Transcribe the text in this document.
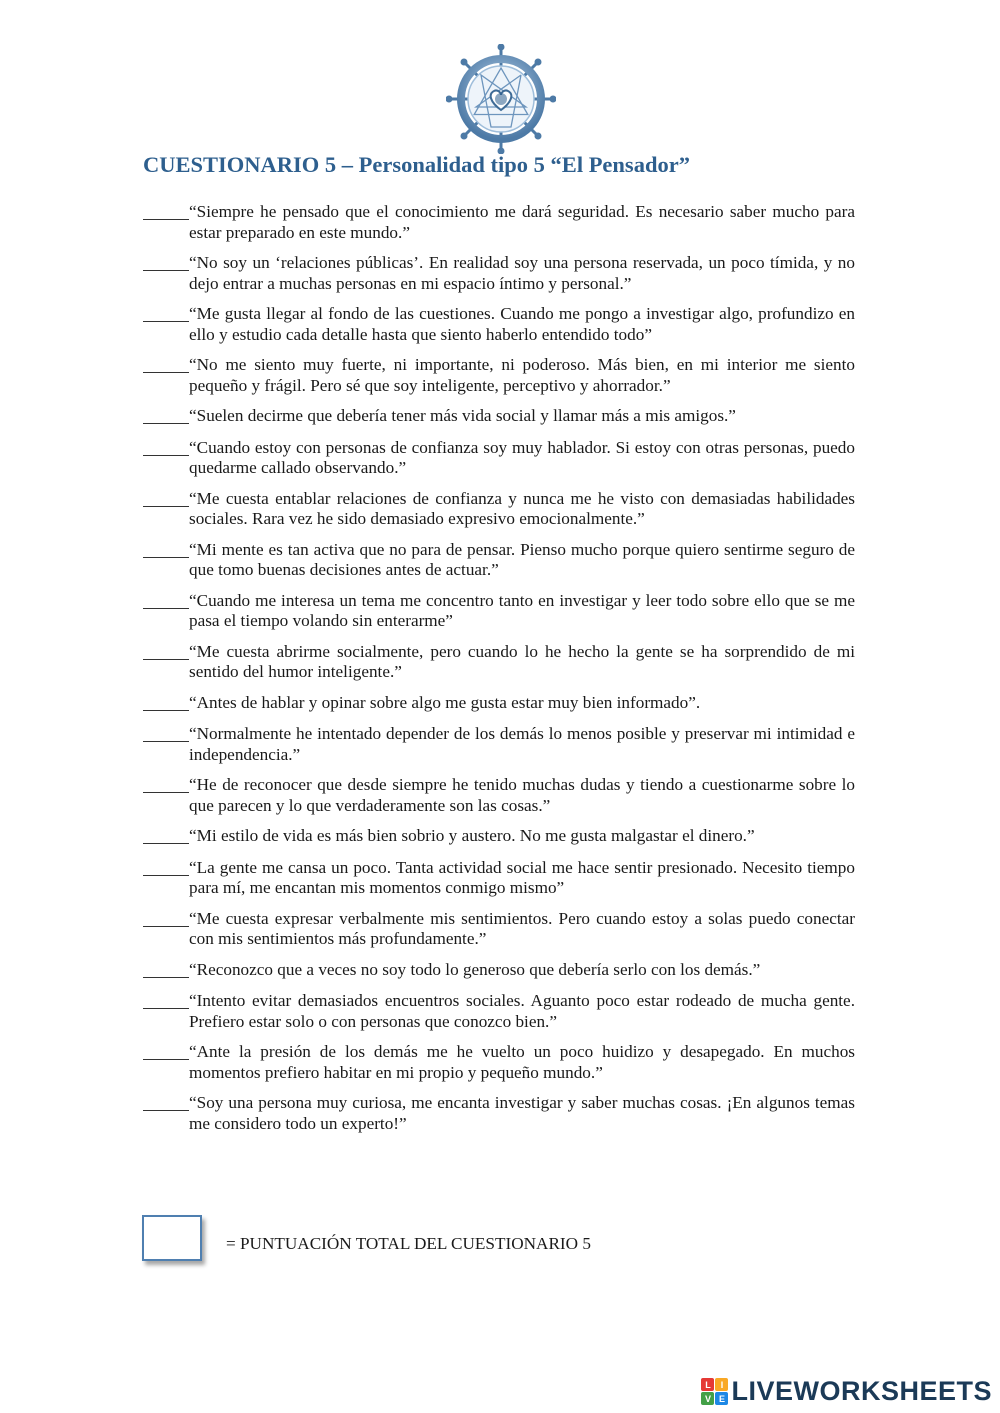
CUESTIONARIO 5 – Personalidad tipo 5 “El Pensador”
“Siempre he pensado que el conocimiento me dará seguridad. Es necesario saber mucho para estar preparado en este mundo.”
“No soy un ‘relaciones públicas’. En realidad soy una persona reservada, un poco tímida, y no dejo entrar a muchas personas en mi espacio íntimo y personal.”
“Me gusta llegar al fondo de las cuestiones. Cuando me pongo a investigar algo, profundizo en ello y estudio cada detalle hasta que siento haberlo entendido todo”
“No me siento muy fuerte, ni importante, ni poderoso. Más bien, en mi interior me siento pequeño y frágil. Pero sé que soy inteligente, perceptivo y ahorrador.”
“Suelen decirme que debería tener más vida social y llamar más a mis amigos.”
“Cuando estoy con personas de confianza soy muy hablador. Si estoy con otras personas, puedo quedarme callado observando.”
“Me cuesta entablar relaciones de confianza y nunca me he visto con demasiadas habilidades sociales. Rara vez he sido demasiado expresivo emocionalmente.”
“Mi mente es tan activa que no para de pensar. Pienso mucho porque quiero sentirme seguro de que tomo buenas decisiones antes de actuar.”
“Cuando me interesa un tema me concentro tanto en investigar y leer todo sobre ello que se me pasa el tiempo volando sin enterarme”
“Me cuesta abrirme socialmente, pero cuando lo he hecho la gente se ha sorprendido de mi sentido del humor inteligente.”
“Antes de hablar y opinar sobre algo me gusta estar muy bien informado”.
“Normalmente he intentado depender de los demás lo menos posible y preservar mi intimidad e independencia.”
“He de reconocer que desde siempre he tenido muchas dudas y tiendo a cuestionarme sobre lo que parecen y lo que verdaderamente son las cosas.”
“Mi estilo de vida es más bien sobrio y austero. No me gusta malgastar el dinero.”
“La gente me cansa un poco. Tanta actividad social me hace sentir presionado. Necesito tiempo para mí, me encantan mis momentos conmigo mismo”
“Me cuesta expresar verbalmente mis sentimientos. Pero cuando estoy a solas puedo conectar con mis sentimientos más profundamente.”
“Reconozco que a veces no soy todo lo generoso que debería serlo con los demás.”
“Intento evitar demasiados encuentros sociales. Aguanto poco estar rodeado de mucha gente. Prefiero estar solo o con personas que conozco bien.”
“Ante la presión de los demás me he vuelto un poco huidizo y desapegado. En muchos momentos prefiero habitar en mi propio y pequeño mundo.”
“Soy una persona muy curiosa, me encanta investigar y saber muchas cosas. ¡En algunos temas me considero todo un experto!”
= PUNTUACIÓN TOTAL DEL CUESTIONARIO 5
L	I
V E LIVEWORKSHEETS
